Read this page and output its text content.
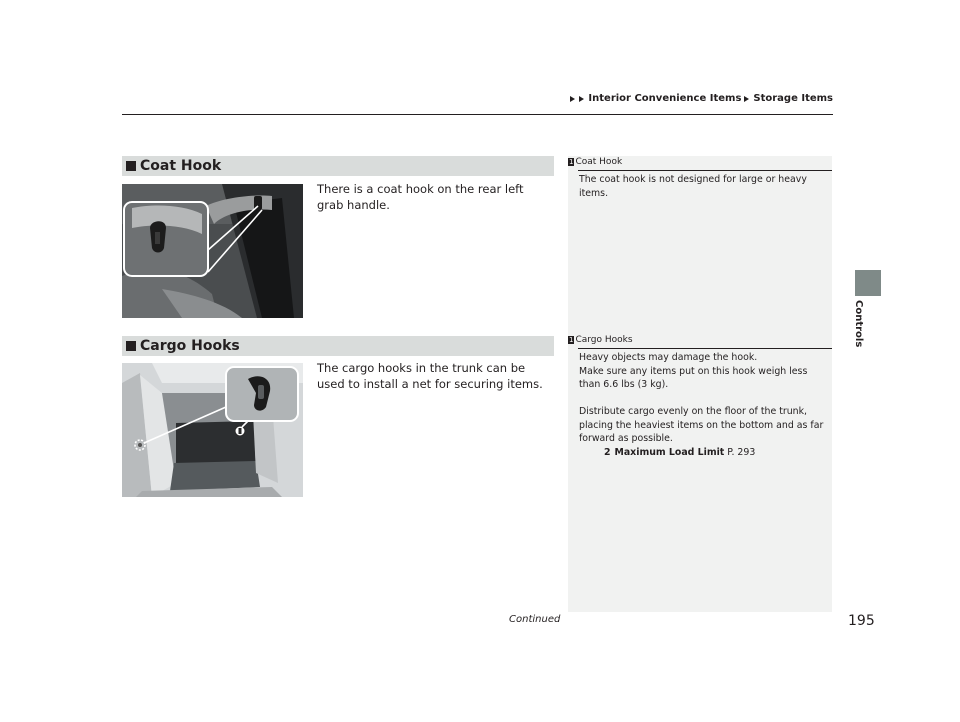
Interior Convenience Items Storage Items
Controls
Coat Hook
There is a coat hook on the rear left grab handle.
1 Coat Hook

The coat hook is not designed for large or heavy items.

Cargo Hooks
The cargo hooks in the trunk can be used to install a net for securing items.
1 Cargo Hooks

Heavy objects may damage the hook.

Make sure any items put on this hook weigh less than 6.6 lbs (3 kg).

Distribute cargo evenly on the floor of the trunk, placing the heaviest items on the bottom and as far forward as possible.

2 Maximum Load Limit P. 293

Continued	195
